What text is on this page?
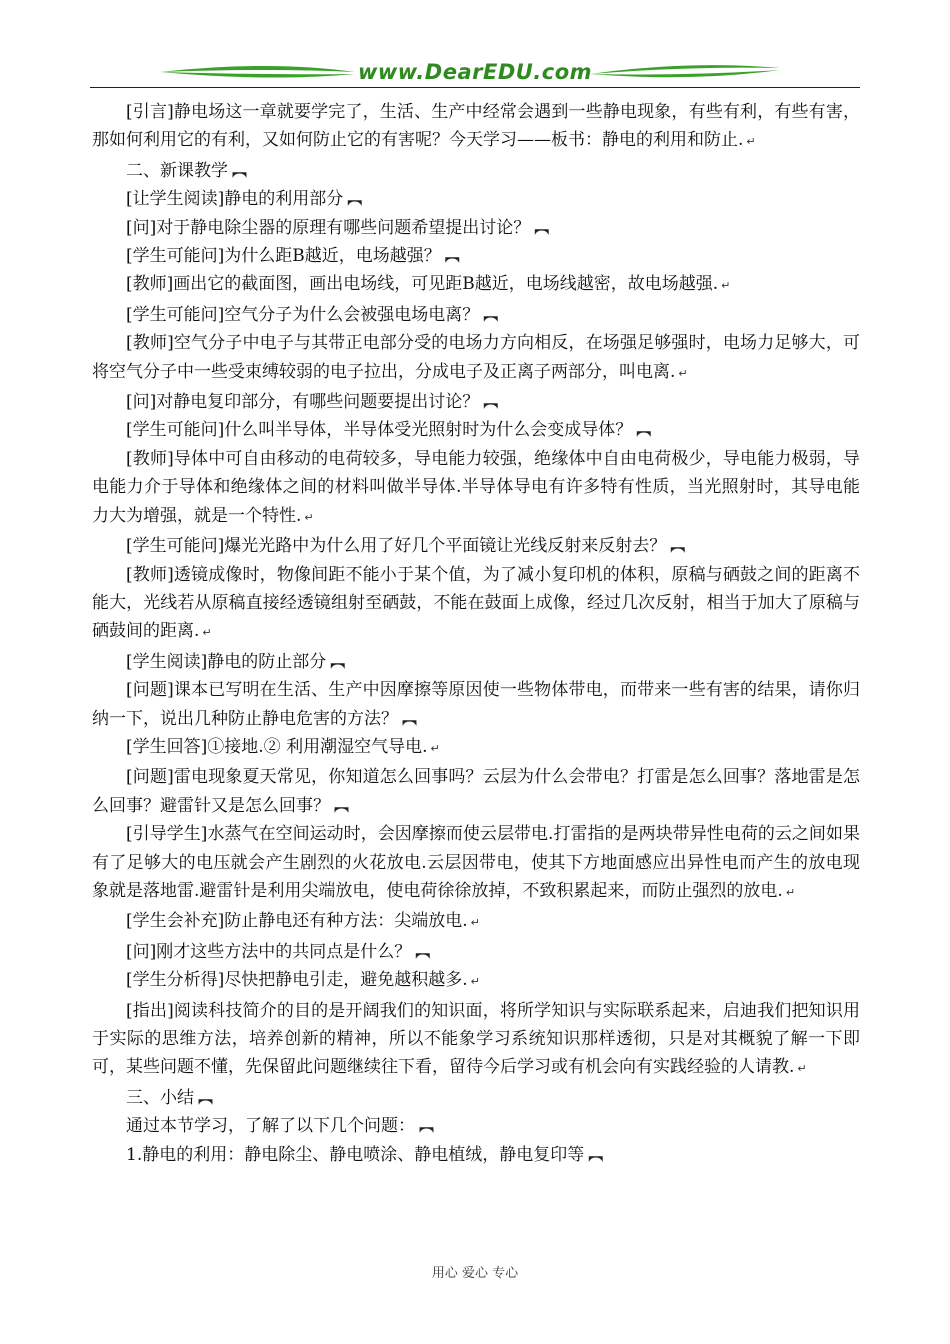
www.DearEDU.com

[引言]静电场这一章就要学完了，生活、生产中经常会遇到一些静电现象，有些有利，有些有害，那如何利用它的有利，又如何防止它的有害呢？今天学习——板书：静电的利用和防止. ↵

二、新课教学 ︻

[让学生阅读]静电的利用部分 ︻

[问]对于静电除尘器的原理有哪些问题希望提出讨论？ ︻

[学生可能问]为什么距B越近，电场越强？ ︻

[教师]画出它的截面图，画出电场线，可见距B越近，电场线越密，故电场越强. ↵

[学生可能问]空气分子为什么会被强电场电离？ ︻

[教师]空气分子中电子与其带正电部分受的电场力方向相反，在场强足够强时，电场力足够大，可将空气分子中一些受束缚较弱的电子拉出，分成电子及正离子两部分，叫电离. ↵

[问]对静电复印部分，有哪些问题要提出讨论？ ︻

[学生可能问]什么叫半导体，半导体受光照射时为什么会变成导体？ ︻

[教师]导体中可自由移动的电荷较多，导电能力较强，绝缘体中自由电荷极少，导电能力极弱，导电能力介于导体和绝缘体之间的材料叫做半导体.半导体导电有许多特有性质，当光照射时，其导电能力大为增强，就是一个特性. ↵

[学生可能问]爆光光路中为什么用了好几个平面镜让光线反射来反射去？ ︻

[教师]透镜成像时，物像间距不能小于某个值，为了减小复印机的体积，原稿与硒鼓之间的距离不能大，光线若从原稿直接经透镜组射至硒鼓，不能在鼓面上成像，经过几次反射，相当于加大了原稿与硒鼓间的距离. ↵

[学生阅读]静电的防止部分 ︻

[问题]课本已写明在生活、生产中因摩擦等原因使一些物体带电，而带来一些有害的结果，请你归纳一下，说出几种防止静电危害的方法？ ︻

[学生回答]①接地.② 利用潮湿空气导电. ↵

[问题]雷电现象夏天常见，你知道怎么回事吗？云层为什么会带电？打雷是怎么回事？落地雷是怎么回事？避雷针又是怎么回事？ ︻

[引导学生]水蒸气在空间运动时，会因摩擦而使云层带电.打雷指的是两块带异性电荷的云之间如果有了足够大的电压就会产生剧烈的火花放电.云层因带电，使其下方地面感应出异性电而产生的放电现象就是落地雷.避雷针是利用尖端放电，使电荷徐徐放掉，不致积累起来，而防止强烈的放电. ↵

[学生会补充]防止静电还有种方法：尖端放电. ↵

[问]刚才这些方法中的共同点是什么？ ︻

[学生分析得]尽快把静电引走，避免越积越多. ↵

[指出]阅读科技简介的目的是开阔我们的知识面，将所学知识与实际联系起来，启迪我们把知识用于实际的思维方法，培养创新的精神，所以不能象学习系统知识那样透彻，只是对其概貌了解一下即可，某些问题不懂，先保留此问题继续往下看，留待今后学习或有机会向有实践经验的人请教. ↵

三、小结 ︻

通过本节学习，了解了以下几个问题： ︻

1.静电的利用：静电除尘、静电喷涂、静电植绒，静电复印等 ︻

用心 爱心 专心
